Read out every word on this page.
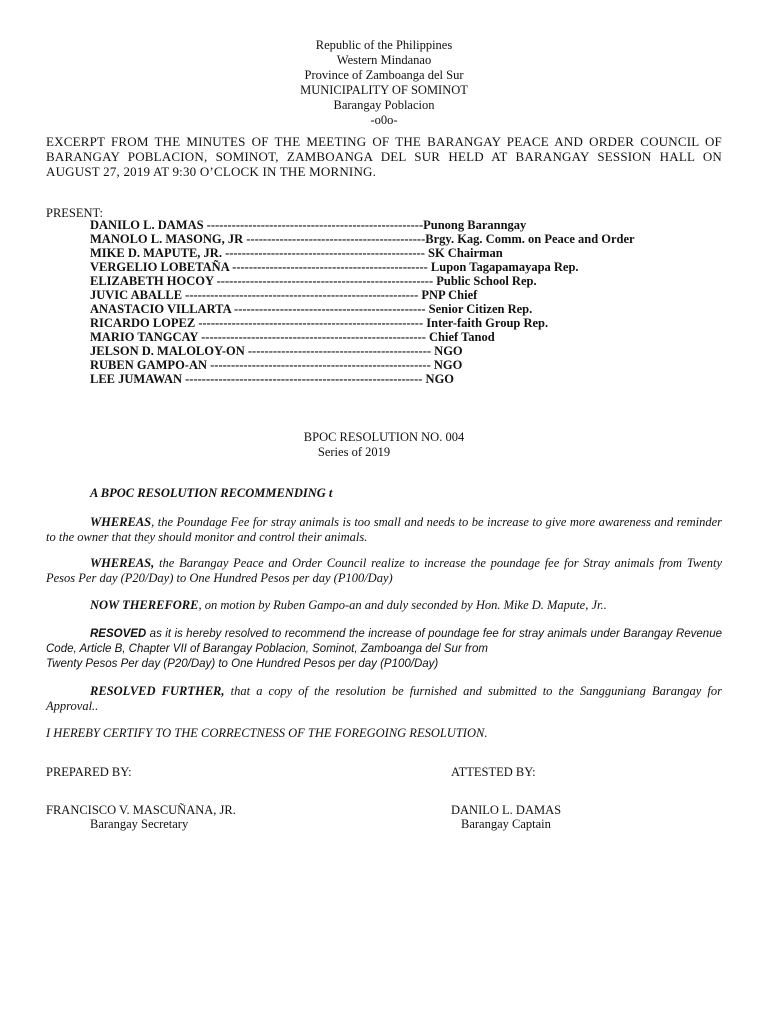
Republic of the Philippines
Western Mindanao
Province of Zamboanga del Sur
MUNICIPALITY OF SOMINOT
Barangay Poblacion
-o0o-
EXCERPT FROM THE MINUTES OF THE MEETING OF THE BARANGAY PEACE AND ORDER COUNCIL OF BARANGAY POBLACION, SOMINOT, ZAMBOANGA DEL SUR HELD AT BARANGAY SESSION HALL ON AUGUST 27, 2019 AT 9:30 O’CLOCK IN THE MORNING.
PRESENT:
DANILO L. DAMAS ----------------------------------------------------Punong Baranngay
MANOLO L. MASONG, JR -------------------------------------------Brgy. Kag. Comm. on Peace and Order
MIKE D. MAPUTE, JR. ------------------------------------------------ SK Chairman
VERGELIO LOBETAÑA ----------------------------------------------- Lupon Tagapamayapa Rep.
ELIZABETH HOCOY ---------------------------------------------------- Public School Rep.
JUVIC ABALLE -------------------------------------------------------- PNP Chief
ANASTACIO VILLARTA ---------------------------------------------- Senior Citizen Rep.
RICARDO LOPEZ ------------------------------------------------------ Inter-faith Group Rep.
MARIO TANGCAY ------------------------------------------------------ Chief Tanod
JELSON D. MALOLOY-ON -------------------------------------------- NGO
RUBEN GAMPO-AN ----------------------------------------------------- NGO
LEE JUMAWAN --------------------------------------------------------- NGO
BPOC RESOLUTION NO. 004
Series of 2019
A BPOC RESOLUTION RECOMMENDING t
WHEREAS, the Poundage Fee for stray animals is too small and needs to be increase to give more awareness and reminder to the owner that they should monitor and control their animals.
WHEREAS, the Barangay Peace and Order Council realize to increase the poundage fee for Stray animals from Twenty Pesos Per day (P20/Day) to One Hundred Pesos per day (P100/Day)
NOW THEREFORE, on motion by Ruben Gampo-an and duly seconded by Hon. Mike D. Mapute, Jr..
RESOVED as it is hereby resolved to recommend the increase of poundage fee for stray animals under Barangay Revenue Code, Article B, Chapter VII of Barangay Poblacion, Sominot, Zamboanga del Sur from
Twenty Pesos Per day (P20/Day) to One Hundred Pesos per day (P100/Day)
RESOLVED FURTHER, that a copy of the resolution be furnished and submitted to the Sangguniang Barangay for Approval..
I HEREBY CERTIFY TO THE CORRECTNESS OF THE FOREGOING RESOLUTION.
PREPARED BY:	ATTESTED BY:
FRANCISCO V. MASCUÑANA, JR.
Barangay Secretary
DANILO L. DAMAS
Barangay Captain
